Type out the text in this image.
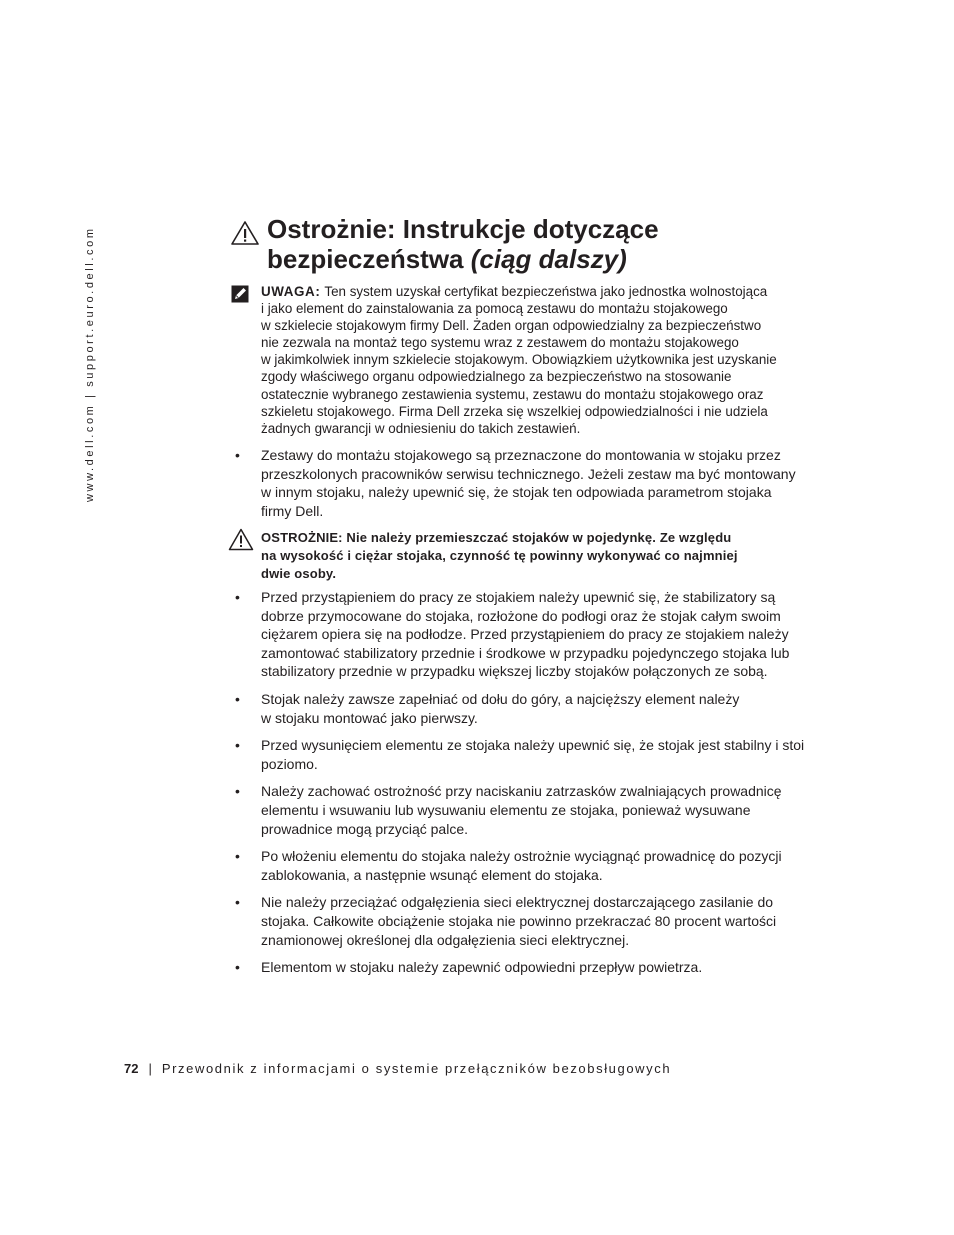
www.dell.com | support.euro.dell.com	Ostrożnie: Instrukcje dotyczące
bezpieczeństwa (ciąg dalszy)
UWAGA: Ten system uzyskał certyfikat bezpieczeństwa jako jednostka wolnostojąca
i jako element do zainstalowania za pomocą zestawu do montażu stojakowego
w szkielecie stojakowym firmy Dell. Żaden organ odpowiedzialny za bezpieczeństwo
nie zezwala na montaż tego systemu wraz z zestawem do montażu stojakowego
w jakimkolwiek innym szkielecie stojakowym. Obowiązkiem użytkownika jest uzyskanie
zgody właściwego organu odpowiedzialnego za bezpieczeństwo na stosowanie
ostatecznie wybranego zestawienia systemu, zestawu do montażu stojakowego oraz
szkieletu stojakowego. Firma Dell zrzeka się wszelkiej odpowiedzialności i nie udziela
żadnych gwarancji w odniesieniu do takich zestawień.
• Zestawy do montażu stojakowego są przeznaczone do montowania w stojaku przez
przeszkolonych pracowników serwisu technicznego. Jeżeli zestaw ma być montowany
w innym stojaku, należy upewnić się, że stojak ten odpowiada parametrom stojaka
firmy Dell.
OSTROŻNIE: Nie należy przemieszczać stojaków w pojedynkę. Ze względu
na wysokość i ciężar stojaka, czynność tę powinny wykonywać co najmniej
dwie osoby.
• Przed przystąpieniem do pracy ze stojakiem należy upewnić się, że stabilizatory są
dobrze przymocowane do stojaka, rozłożone do podłogi oraz że stojak całym swoim
ciężarem opiera się na podłodze. Przed przystąpieniem do pracy ze stojakiem należy
zamontować stabilizatory przednie i środkowe w przypadku pojedynczego stojaka lub
stabilizatory przednie w przypadku większej liczby stojaków połączonych ze sobą.
• Stojak należy zawsze zapełniać od dołu do góry, a najcięższy element należy
w stojaku montować jako pierwszy.
• Przed wysunięciem elementu ze stojaka należy upewnić się, że stojak jest stabilny i stoi
poziomo.
• Należy zachować ostrożność przy naciskaniu zatrzasków zwalniających prowadnicę
elementu i wsuwaniu lub wysuwaniu elementu ze stojaka, ponieważ wysuwane
prowadnice mogą przyciąć palce.
• Po włożeniu elementu do stojaka należy ostrożnie wyciągnąć prowadnicę do pozycji
zablokowania, a następnie wsunąć element do stojaka.
• Nie należy przeciążać odgałęzienia sieci elektrycznej dostarczającego zasilanie do
stojaka. Całkowite obciążenie stojaka nie powinno przekraczać 80 procent wartości
znamionowej określonej dla odgałęzienia sieci elektrycznej.
• Elementom w stojaku należy zapewnić odpowiedni przepływ powietrza.
72 | Przewodnik z informacjami o systemie przełączników bezobsługowych
